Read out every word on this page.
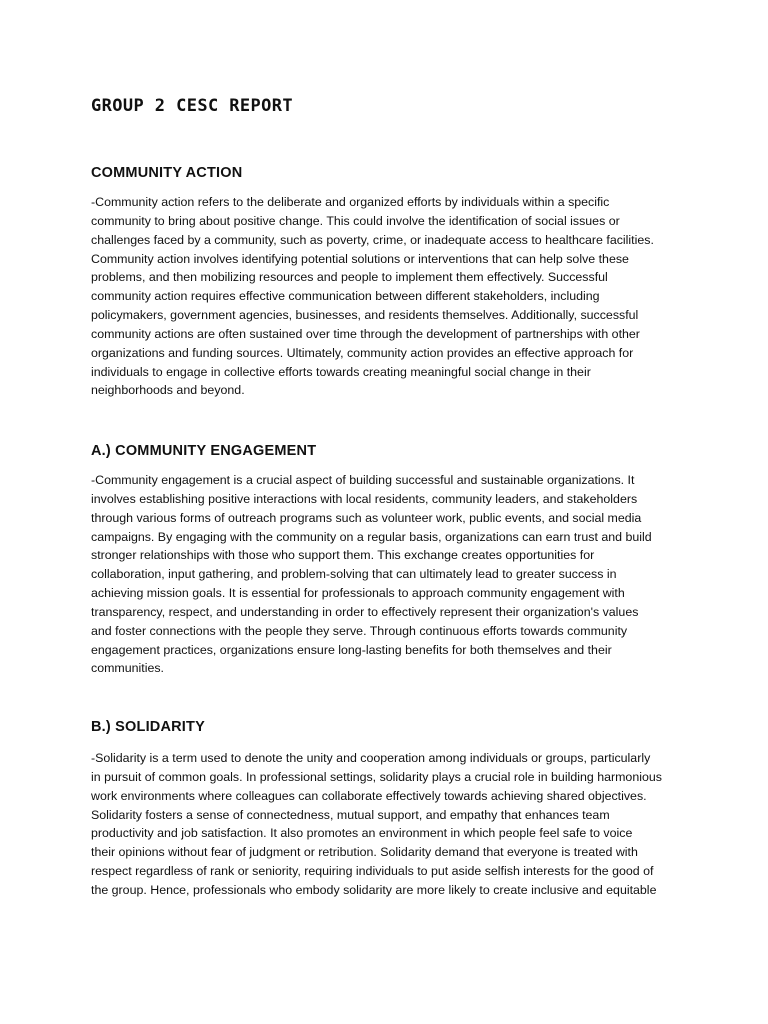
GROUP 2 CESC REPORT
COMMUNITY ACTION
-Community action refers to the deliberate and organized efforts by individuals within a specific
community to bring about positive change. This could involve the identification of social issues or
challenges faced by a community, such as poverty, crime, or inadequate access to healthcare facilities.
Community action involves identifying potential solutions or interventions that can help solve these
problems, and then mobilizing resources and people to implement them effectively. Successful
community action requires effective communication between different stakeholders, including
policymakers, government agencies, businesses, and residents themselves. Additionally, successful
community actions are often sustained over time through the development of partnerships with other
organizations and funding sources. Ultimately, community action provides an effective approach for
individuals to engage in collective efforts towards creating meaningful social change in their
neighborhoods and beyond.
A.) COMMUNITY ENGAGEMENT
-Community engagement is a crucial aspect of building successful and sustainable organizations. It
involves establishing positive interactions with local residents, community leaders, and stakeholders
through various forms of outreach programs such as volunteer work, public events, and social media
campaigns. By engaging with the community on a regular basis, organizations can earn trust and build
stronger relationships with those who support them. This exchange creates opportunities for
collaboration, input gathering, and problem-solving that can ultimately lead to greater success in
achieving mission goals. It is essential for professionals to approach community engagement with
transparency, respect, and understanding in order to effectively represent their organization's values
and foster connections with the people they serve. Through continuous efforts towards community
engagement practices, organizations ensure long-lasting benefits for both themselves and their
communities.
B.) SOLIDARITY
-Solidarity is a term used to denote the unity and cooperation among individuals or groups, particularly
in pursuit of common goals. In professional settings, solidarity plays a crucial role in building harmonious
work environments where colleagues can collaborate effectively towards achieving shared objectives.
Solidarity fosters a sense of connectedness, mutual support, and empathy that enhances team
productivity and job satisfaction. It also promotes an environment in which people feel safe to voice
their opinions without fear of judgment or retribution. Solidarity demand that everyone is treated with
respect regardless of rank or seniority, requiring individuals to put aside selfish interests for the good of
the group. Hence, professionals who embody solidarity are more likely to create inclusive and equitable
